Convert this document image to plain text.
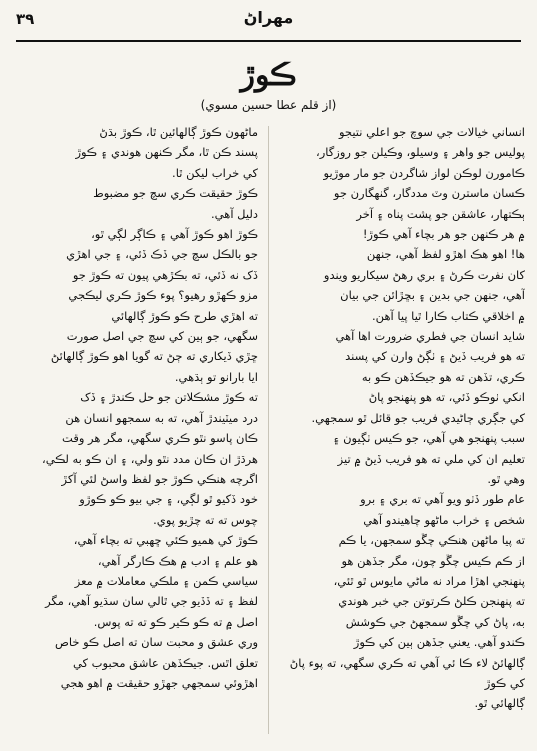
٣٩	مهراڻ
ڪوڙ
(از قلم عطا حسين مسوي)

انساني خيالات جي سوچ جو اعلي نتيجو

پوليس جو واهر ۽ وسيلو، وڪيلن جو روزگار،

ڪامورن لوڪن لواز شاگردن جو مار موڙيو

ڪسان ماسترن وٽ مددگار، گنهگارن جو

ٻڪتهار، عاشقن جو پشت پناه ۽ آخر

۾ هر ڪنهن جو هر بچاء آهي ڪوڙ!

ها! اهو هڪ اهڙو لفظ آهي، جنهن

کان نفرت ڪرڻ ۽ بري رهڻ سيکاريو ويندو

آهي، جنهن جي بدين ۽ بڇڙائن جي بيان

۾ اخلاقي ڪتاب ڪارا ٿيا پيا آهن.

شايد انسان جي فطري ضرورت اها آهي

ته هو فريب ڏيڻ ۽ ٺڳڻ وارن کي پسند

ڪري، تڏهن ته هو جيڪڏهن ڪو به

انکي ٺوڪو ڏئي، ته هو پنهنجو پاڻ

کي جڳري ڄاڻيدي فريب جو قائل ٿو سمجهي.

سبب پنهنجو هي آهي، جو ڪيس ٺڳيون ۽

تعليم ان کي ملي ته هو فريب ڏيڻ ۾ تيز

وهي ٿو.

عام طور ڏٺو ويو آهي ته بري ۽ برو

شخص ۽ خراب ماڻهو چاهيندو آهي

ته پيا ماڻهن هنڪي چڱو سمجهن، يا ڪم

از ڪم ڪيس چڱو چون، مگر جڏهن هو

پنهنجي اهڙا مراد نه ماڻي مايوس ٿو ٿئي،

ته پنهنجن ڪلڻ ڪرتوتن جي خبر هوندي

به، پاڻ کي چڱو سمجهڻ جي ڪوشش

ڪندو آهي. يعني جڏهن ٻين کي ڪوڙ

ڳالهائڻ لاء ڪا ئي آهي ته ڪري سگهي، ته پوء پاڻ کي ڪوڙ

ڳالهائي ٿو.

ماڻهون ڪوڙ ڳالهائين ٿا، ڪوڙ بڌڻ

پسند ڪن ٿا، مگر ڪنهن هوندي ۽ ڪوڙ

کي خراب ليکن ٿا.

ڪوڙ حقيقت ڪري سچ جو مضبوط

دليل آهي.

ڪوڙ اهو ڪوڙ آهي ۽ ڪاڳر لڳي ٿو،

جو بالڪل سچ جي ڏڪ ڏئي، ۽ جي اهڙي

ڏک نه ڏئي، ته بڪڙهي پيون ته ڪوڙ جو

مزو ڪهڙو رهيو؟ پوء ڪوڙ ڪري ليڪجي

ته اهڙي طرح ڪو ڪوڙ ڳالهائي

سگهي، جو ٻين کي سچ جي اصل صورت

ڇڙي ڏيکاري ته ڄڻ ته گويا اهو ڪوڙ ڳالهائڻ

ايا بارانو تو ٻڌهي.

ته ڪوڙ مشڪلاتن جو حل ڪندڙ ۽ ڏک

درد ميٽيندڙ آهي، ته به سمجهو انسان هن

ڪان پاسو نٿو ڪري سگهي، مگر هر وقت

هرڌڙ ان ڪان مدد نٿو ولي، ۽ ان ڪو به لڪي،

اگرچه هنڪي ڪوڙ جو لفظ واسڻ لئي آکڙ

خود ڏکيو ٿو لڳي، ۽ جي بيو ڪو ڪوڙو

چوس ته ته چڙيو پوي.

ڪوڙ کي هميو ڪئي ڇهبي ته بچاء آهي،

هو علم ۽ ادب ۾ هڪ ڪارگر آهي،

سياسي ڪمن ۽ ملڪي معاملات ۾ معز

لفظ ۽ ته ڏڏيو جي ٿالي سان سڌيو آهي، مگر

اصل ۾ ته ڪو ڪير ڪو ته ته پوس.

وري عشق و محبت سان ته اصل ڪو خاص

تعلق اٿس. جيڪڏهن عاشق محبوب کي

اهڙوئي سمجهي جهڙو حقيقت ۾ اهو هجي
